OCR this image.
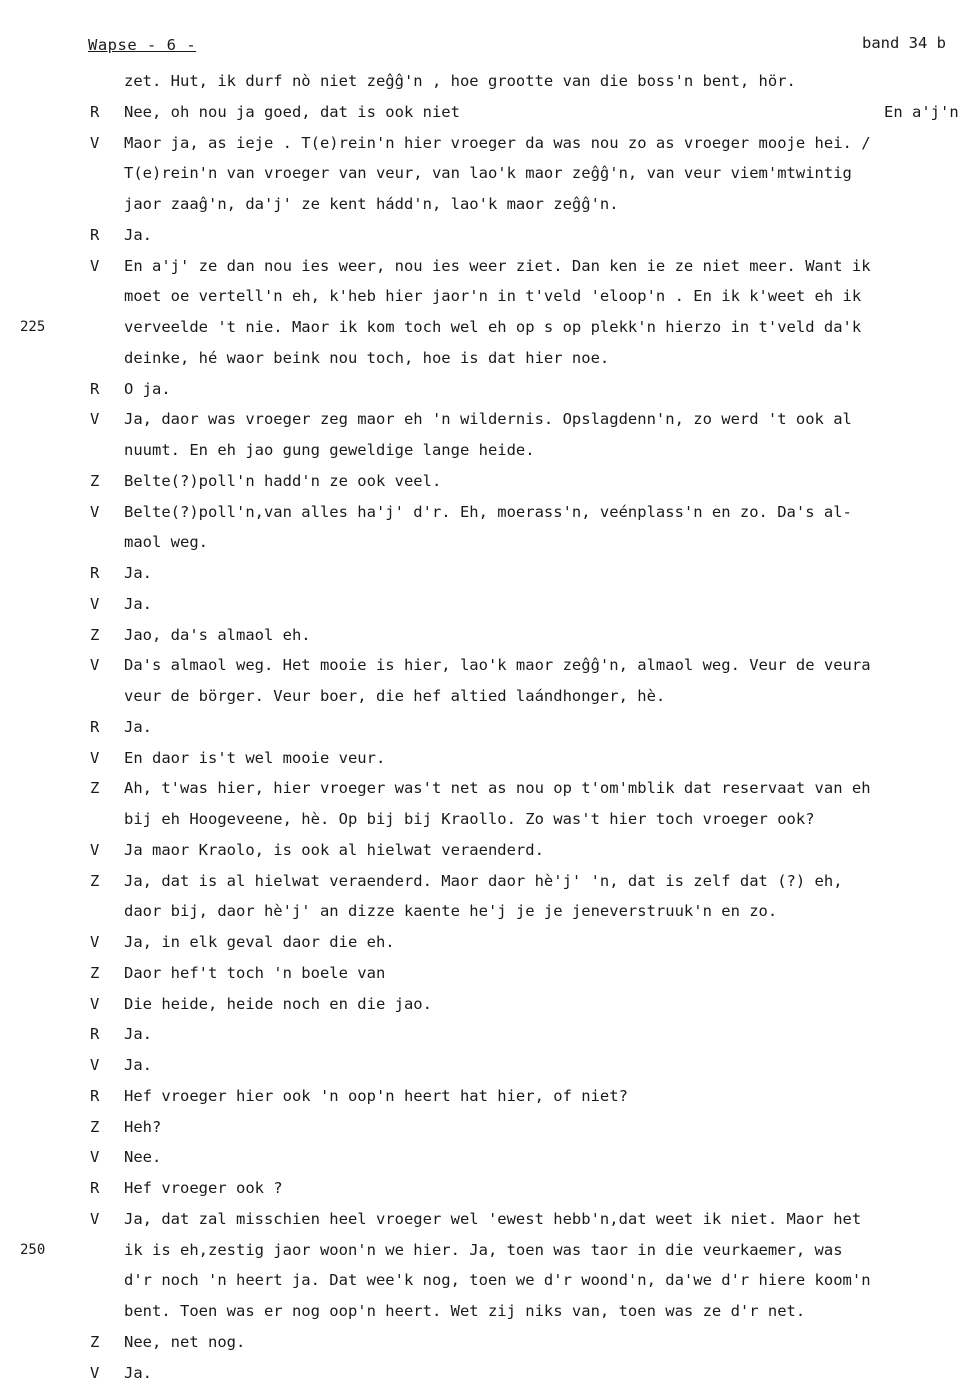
Wapse - 6 -	band 34 b
zet. Hut, ik durf nò niet zeĝĝ'n , hoe grootte van die boss'n bent, hör.
R Nee, oh nou ja goed, dat is ook niet	En a'j'n
V Maor ja, as ieje . T(e)rein'n hier vroeger da was nou zo as vroeger mooje hei. /
T(e)rein'n van vroeger van veur, van lao'k maor zeĝĝ'n, van veur viem'mtwintig
jaor zaaĝ'n, da'j' ze kent hádd'n, lao'k maor zeĝĝ'n.
R Ja.
V En a'j' ze dan nou ies weer, nou ies weer ziet. Dan ken ie ze niet meer. Want ik
moet oe vertell'n eh, k'heb hier jaor'n in t'veld 'eloop'n . En ik k'weet eh ik
225	verveelde 't nie. Maor ik kom toch wel eh op s op plekk'n hierzo in t'veld da'k
deinke, hé waor beink nou toch, hoe is dat hier noe.
R O ja.
V Ja, daor was vroeger zeg maor eh 'n wildernis. Opslagdenn'n, zo werd 't ook al
nuumt. En eh jao gung geweldige lange heide.
Z Belte(?)poll'n hadd'n ze ook veel.
V Belte(?)poll'n,van alles ha'j' d'r. Eh, moerass'n, veénplass'n en zo. Da's al-
maol weg.
R Ja.
V Ja.
Z Jao, da's almaol eh.
V Da's almaol weg. Het mooie is hier, lao'k maor zeĝĝ'n, almaol weg. Veur de veura
veur de börger. Veur boer, die hef altied laándhonger, hè.
R Ja.
V En daor is't wel mooie veur.
Z Ah, t'was hier, hier vroeger was't net as nou op t'om'mblik dat reservaat van eh
bij eh Hoogeveene, hè. Op bij bij Kraollo. Zo was't hier toch vroeger ook?
V Ja maor Kraolo, is ook al hielwat veraenderd.
Z Ja, dat is al hielwat veraenderd. Maor daor hè'j' 'n, dat is zelf dat (?) eh,
daor bij, daor hè'j' an dizze kaente he'j je je jeneverstruuk'n en zo.
V Ja, in elk geval daor die eh.
Z Daor hef't toch 'n boele van
V Die heide, heide noch en die jao.
R Ja.
V Ja.
R Hef vroeger hier ook 'n oop'n heert hat hier, of niet?
Z Heh?
V Nee.
R Hef vroeger ook ?
V Ja, dat zal misschien heel vroeger wel 'ewest hebb'n,dat weet ik niet. Maor het
250	ik is eh,zestig jaor woon'n we hier. Ja, toen was taor in die veurkaemer, was
d'r noch 'n heert ja. Dat wee'k nog, toen we d'r woond'n, da'we d'r hiere koom'n
bent. Toen was er nog oop'n heert. Wet zij niks van, toen was ze d'r net.
Z Nee, net nog.
V Ja.
